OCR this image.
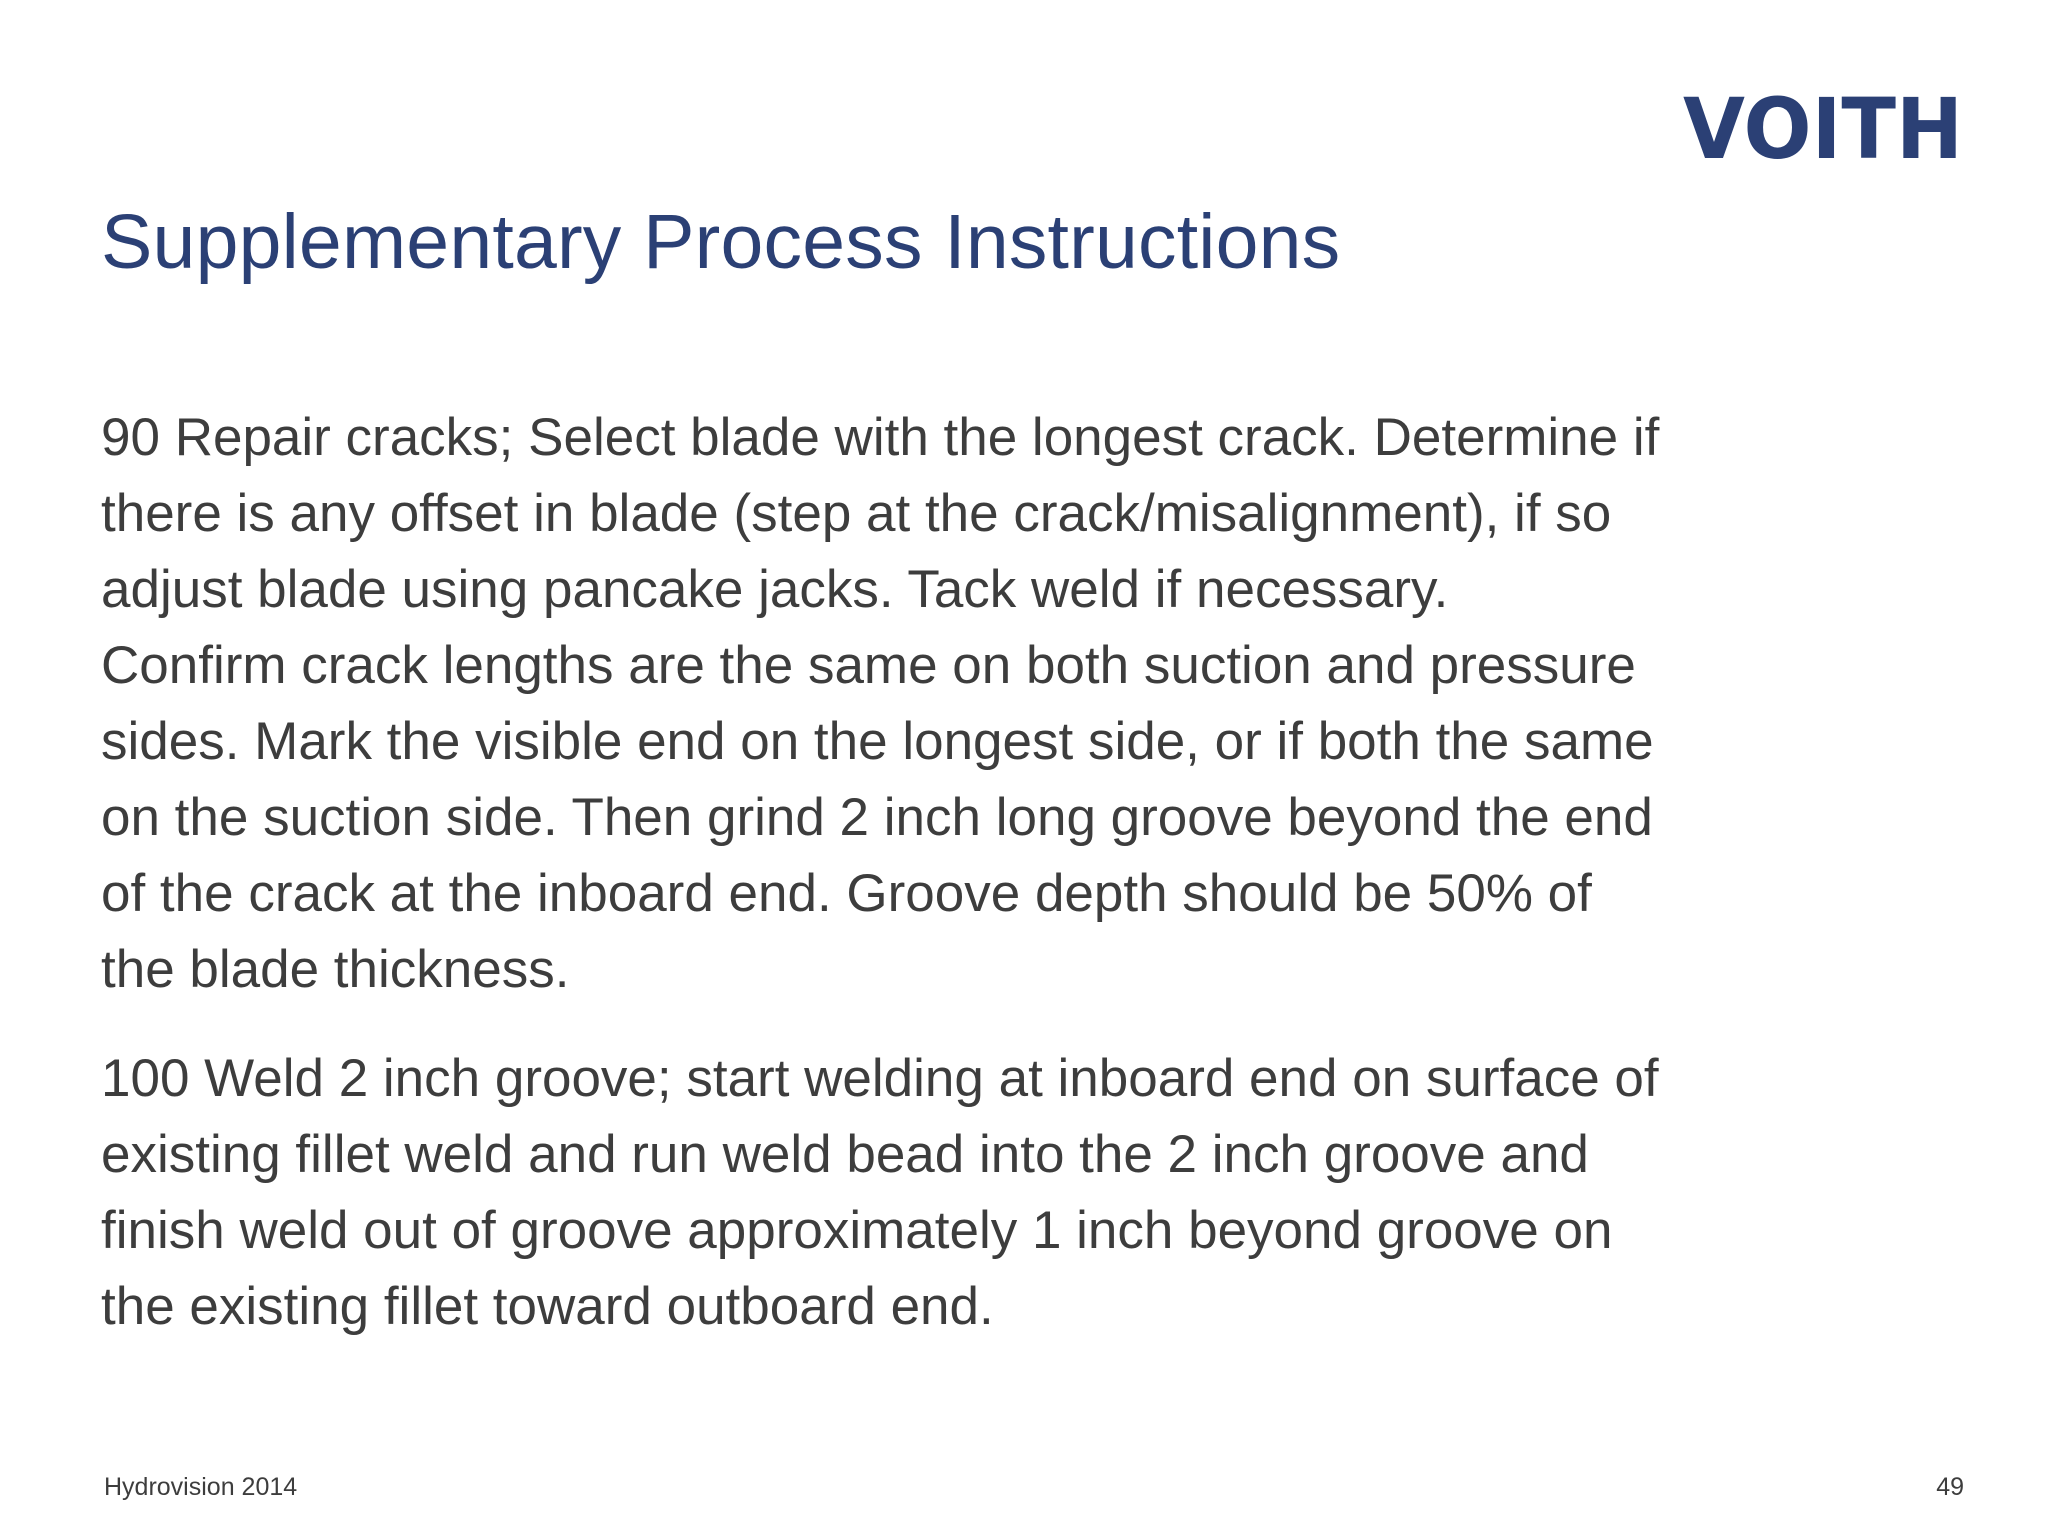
VOITH
Supplementary Process Instructions
90 Repair cracks; Select blade with the longest crack. Determine if
there is any offset in blade (step at the crack/misalignment), if so
adjust blade using pancake jacks. Tack weld if necessary.
Confirm crack lengths are the same on both suction and pressure
sides. Mark the visible end on the longest side, or if both the same
on the suction side. Then grind 2 inch long groove beyond the end
of the crack at the inboard end. Groove depth should be 50% of
the blade thickness.
100 Weld 2 inch groove; start welding at inboard end on surface of
existing fillet weld and run weld bead into the 2 inch groove and
finish weld out of groove approximately 1 inch beyond groove on
the existing fillet toward outboard end.
Hydrovision 2014	49
